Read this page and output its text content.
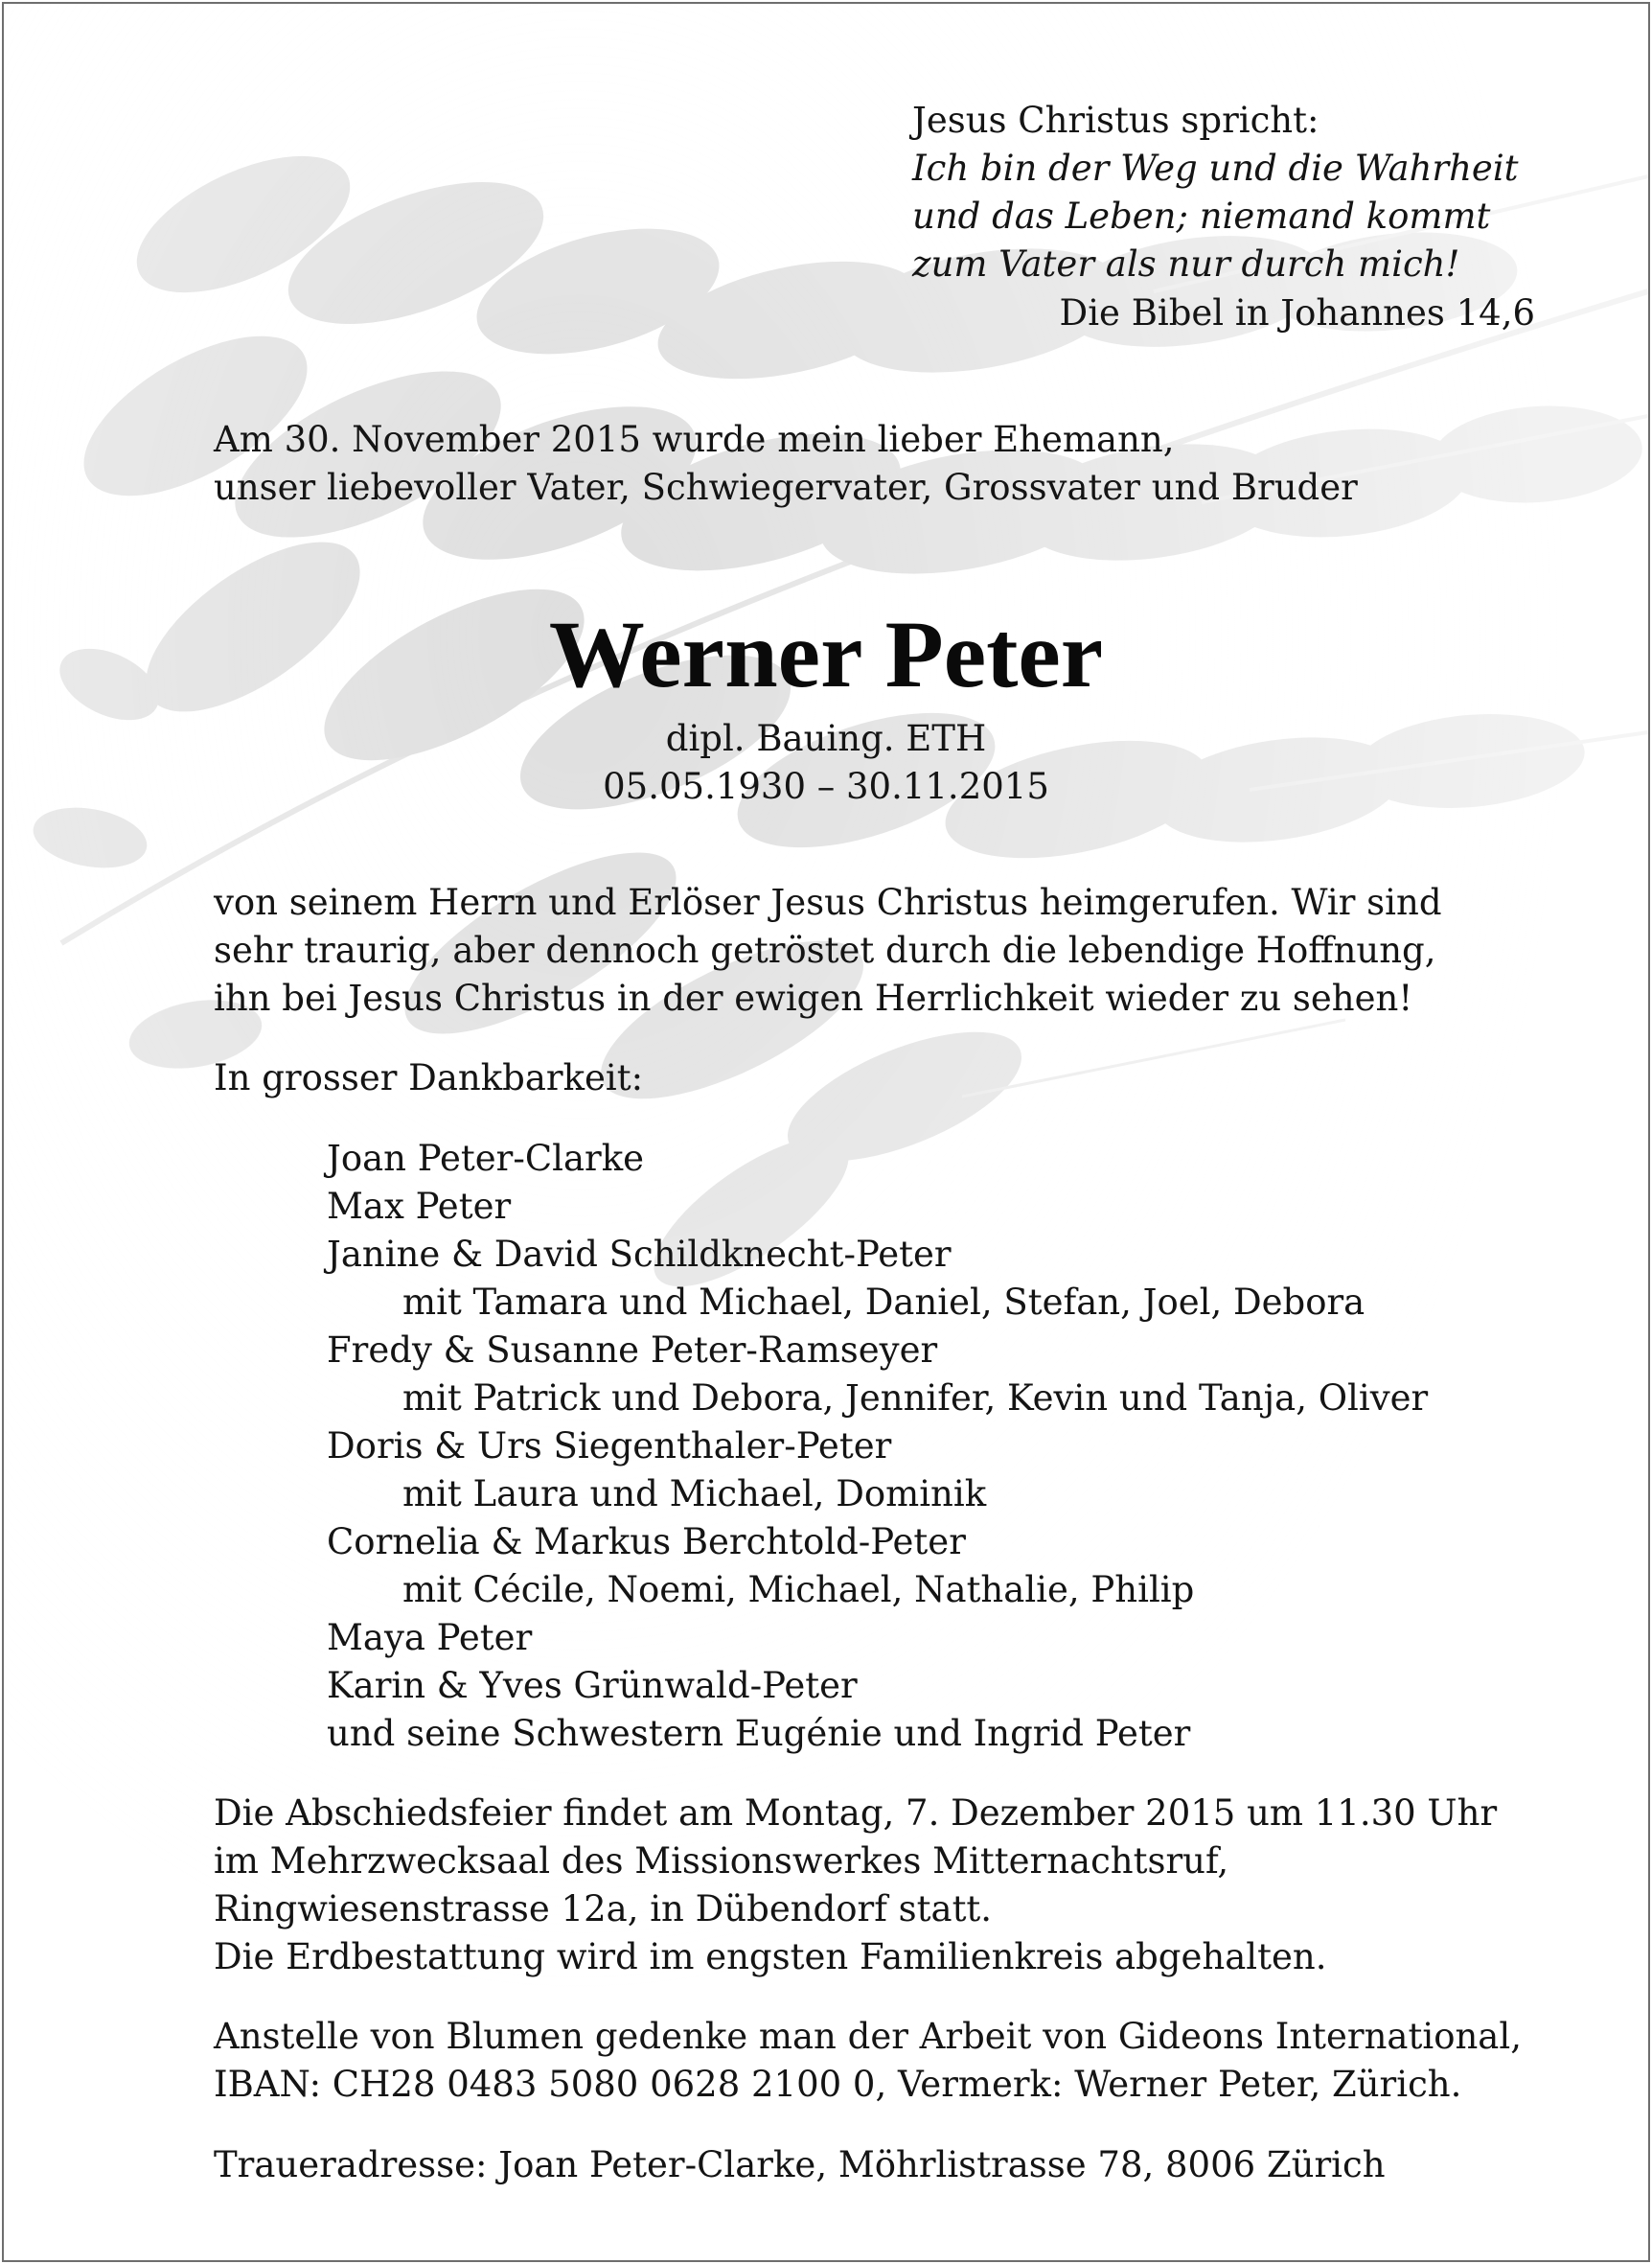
Jesus Christus spricht:
Ich bin der Weg und die Wahrheit
und das Leben; niemand kommt
zum Vater als nur durch mich!
Die Bibel in Johannes 14,6
Am 30. November 2015 wurde mein lieber Ehemann,
unser liebevoller Vater, Schwiegervater, Grossvater und Bruder
Werner Peter
dipl. Bauing. ETH
05.05.1930 – 30.11.2015
von seinem Herrn und Erlöser Jesus Christus heimgerufen. Wir sind
sehr traurig, aber dennoch getröstet durch die lebendige Hoffnung,
ihn bei Jesus Christus in der ewigen Herrlichkeit wieder zu sehen!
In grosser Dankbarkeit:
Joan Peter-Clarke
Max Peter
Janine & David Schildknecht-Peter
mit Tamara und Michael, Daniel, Stefan, Joel, Debora
Fredy & Susanne Peter-Ramseyer
mit Patrick und Debora, Jennifer, Kevin und Tanja, Oliver
Doris & Urs Siegenthaler-Peter
mit Laura und Michael, Dominik
Cornelia & Markus Berchtold-Peter
mit Cécile, Noemi, Michael, Nathalie, Philip
Maya Peter
Karin & Yves Grünwald-Peter
und seine Schwestern Eugénie und Ingrid Peter
Die Abschiedsfeier findet am Montag, 7. Dezember 2015 um 11.30 Uhr
im Mehrzwecksaal des Missionswerkes Mitternachtsruf,
Ringwiesenstrasse 12a, in Dübendorf statt.
Die Erdbestattung wird im engsten Familienkreis abgehalten.
Anstelle von Blumen gedenke man der Arbeit von Gideons International,
IBAN: CH28 0483 5080 0628 2100 0, Vermerk: Werner Peter, Zürich.
Traueradresse: Joan Peter-Clarke, Möhrlistrasse 78, 8006 Zürich
